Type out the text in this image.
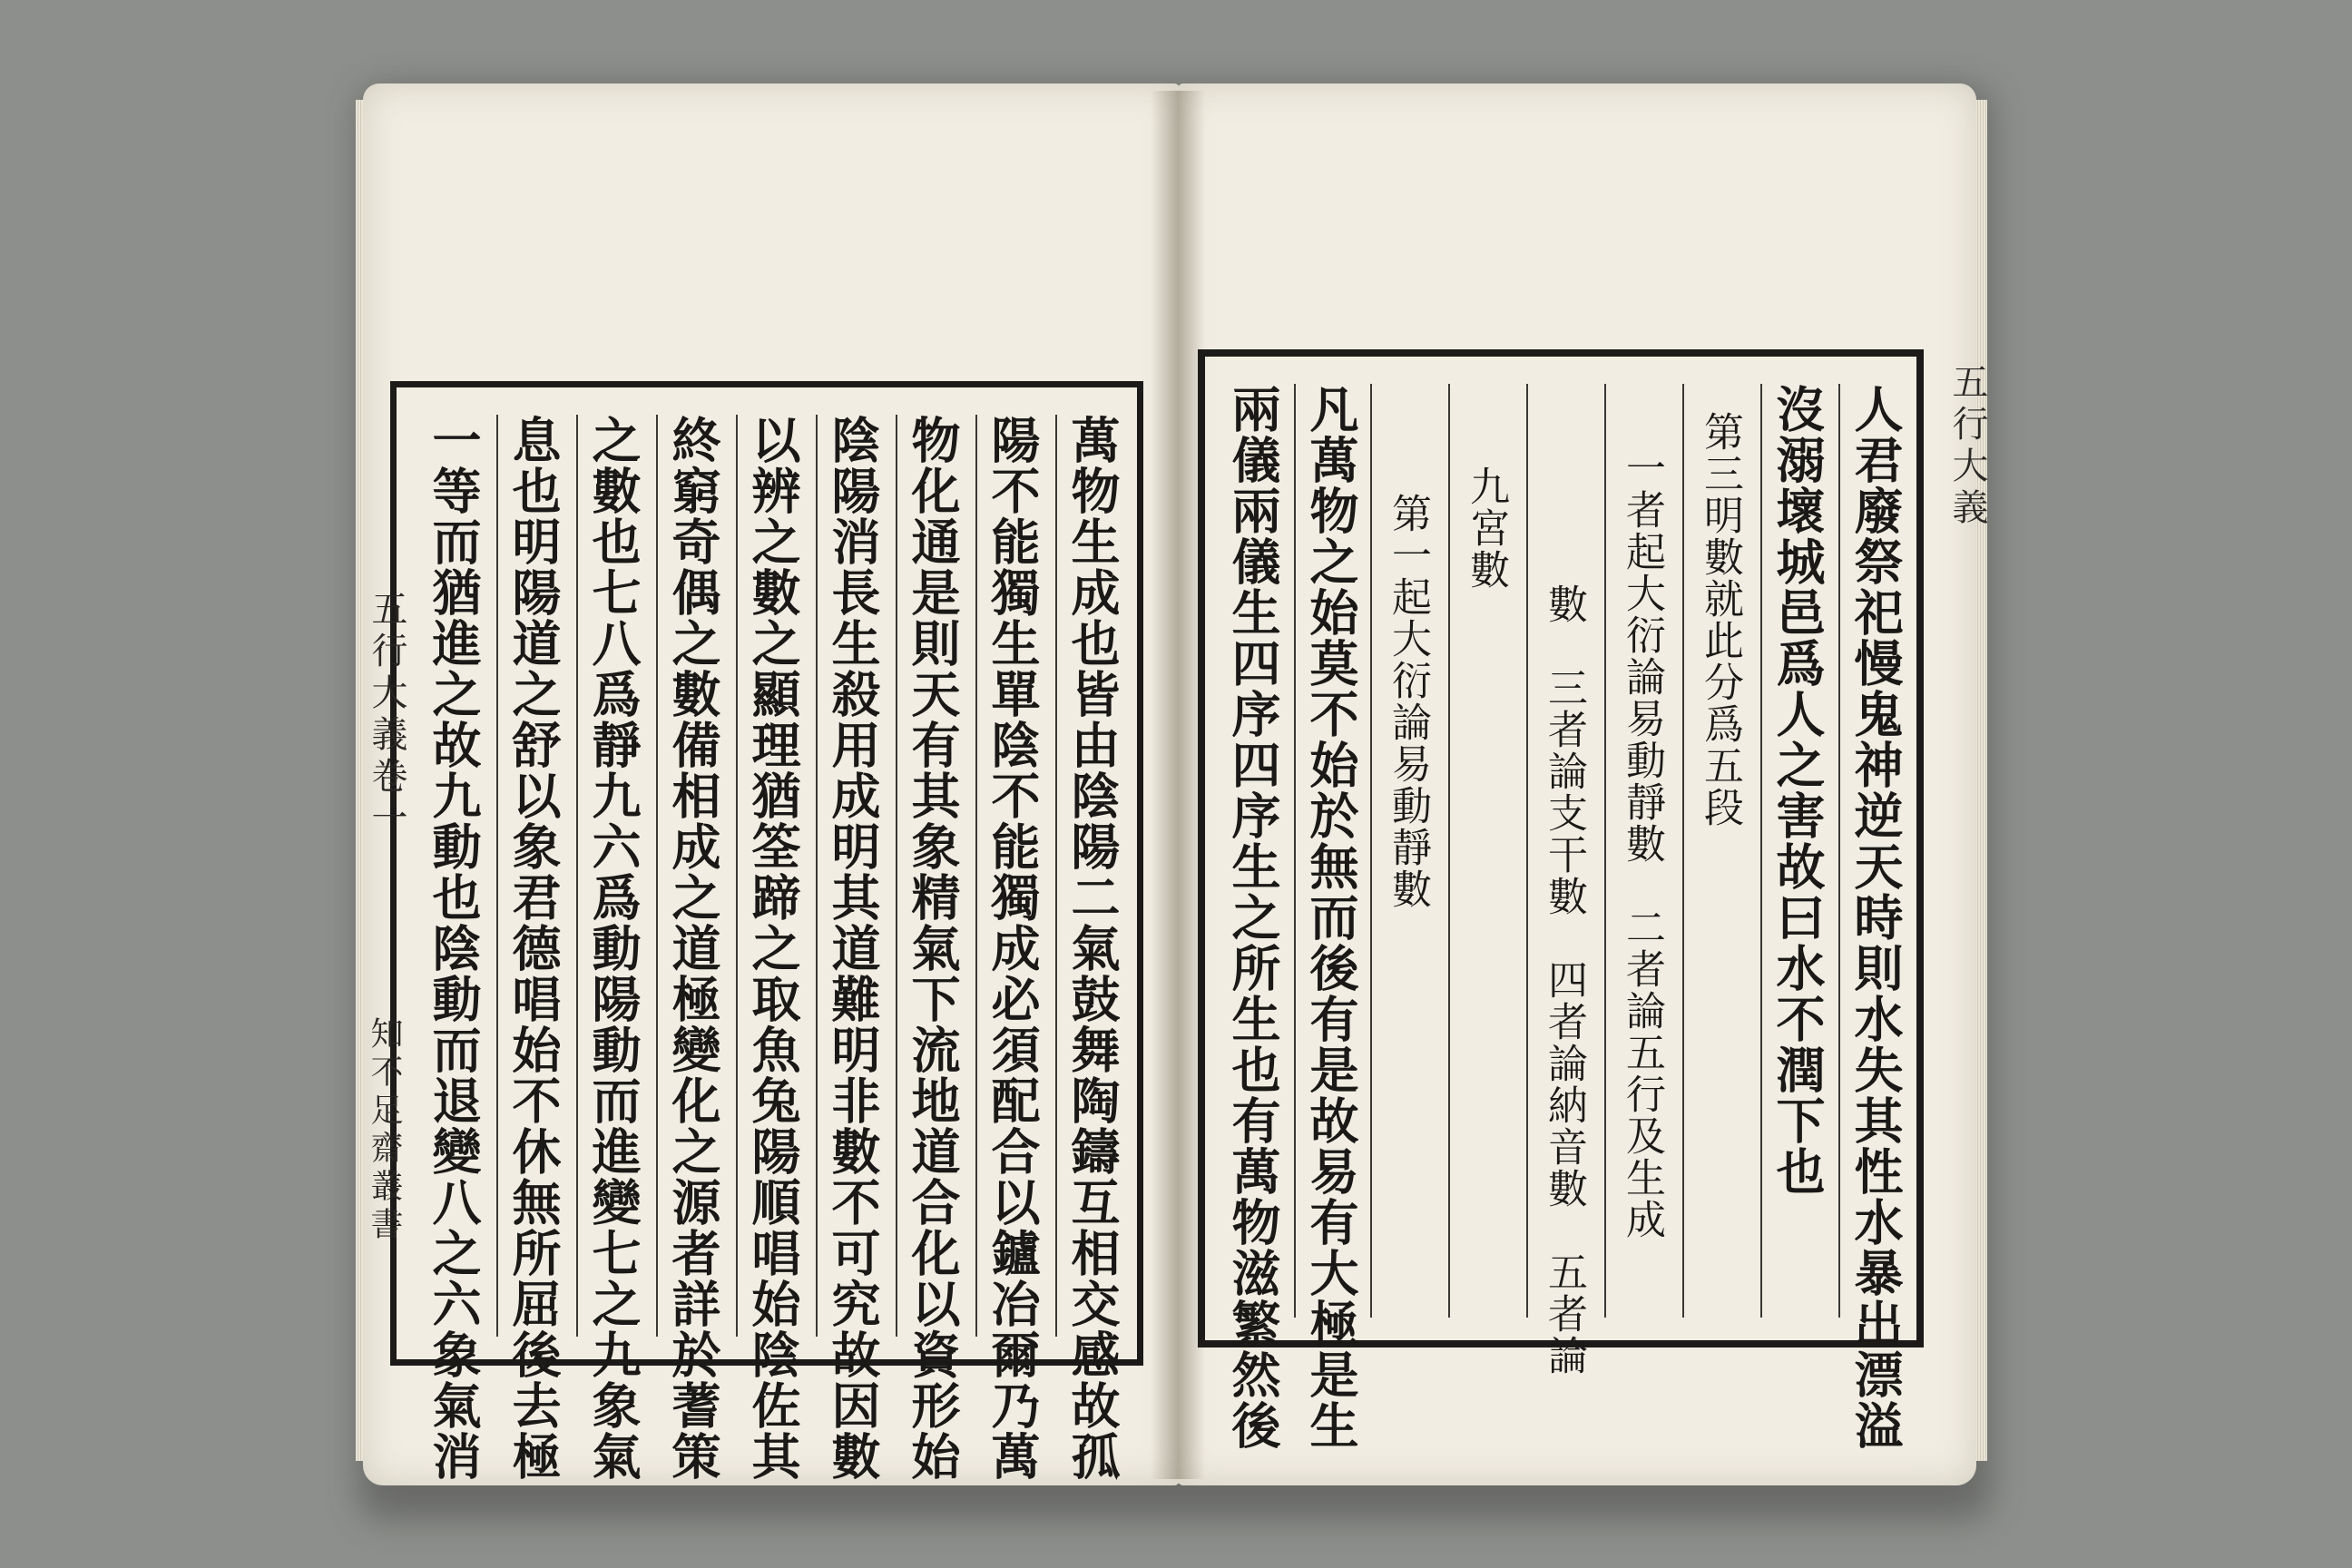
萬物生成也皆由陰陽二氣鼓舞陶鑄互相交感故孤
陽不能獨生單陰不能獨成必須配合以鑪冶爾乃萬
物化通是則天有其象精氣下流地道合化以資形始
陰陽消長生殺用成明其道難明非數不可究故因數
以辨之數之顯理猶筌蹄之取魚兔陽順唱始陰佐其
終窮奇偶之數備相成之道極變化之源者詳於蓍策
之數也七八爲靜九六爲動陽動而進變七之九象氣
息也明陽道之舒以象君德唱始不休無所屈後去極
一等而猶進之故九動也陰動而退變八之六象氣消
五行大義卷一
知不足齋叢書	人君廢祭祀慢鬼神逆天時則水失其性水暴出漂溢
沒溺壞城邑爲人之害故曰水不潤下也
第三明數就此分爲五段
一者起大衍論易動靜數　二者論五行及生成
數　三者論支干數　四者論納音數　五者論
九宮數
第一起大衍論易動靜數
凡萬物之始莫不始於無而後有是故易有大極是生
兩儀兩儀生四序四序生之所生也有萬物滋繁然後	五行大義
